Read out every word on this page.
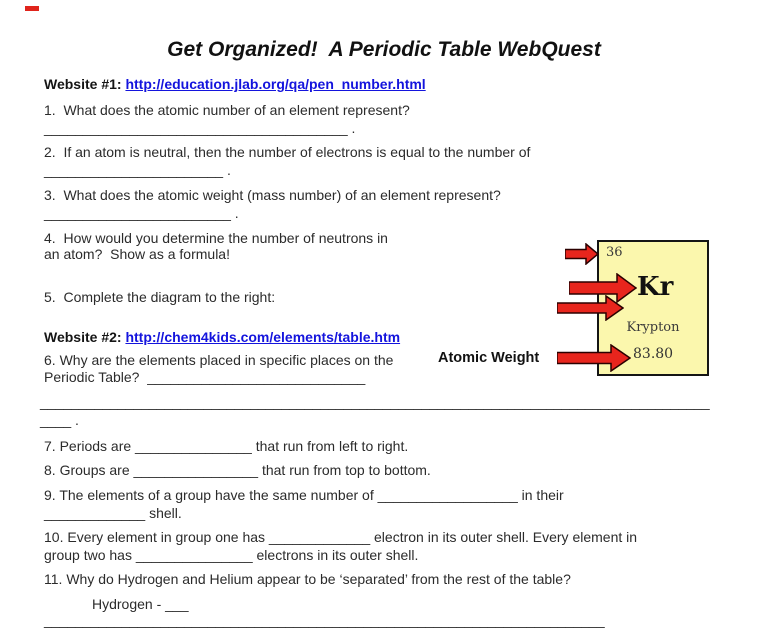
Get Organized!  A Periodic Table WebQuest
Website #1: http://education.jlab.org/qa/pen_number.html
1.  What does the atomic number of an element represent?
_______________________________________ .
2.  If an atom is neutral, then the number of electrons is equal to the number of
_______________________ .
3.  What does the atomic weight (mass number) of an element represent?
________________________ .
4.  How would you determine the number of neutrons in
an atom?  Show as a formula!
5.  Complete the diagram to the right:
Website #2: http://chem4kids.com/elements/table.htm
6. Why are the elements placed in specific places on the
Periodic Table?  ____________________________
Atomic Weight
36
Kr
Krypton
83.80
______________________________________________________________________________________
____ .
7. Periods are _______________ that run from left to right.
8. Groups are ________________ that run from top to bottom.
9. The elements of a group have the same number of __________________ in their
_____________ shell.
10. Every element in group one has _____________ electron in its outer shell. Every element in
group two has _______________ electrons in its outer shell.
11. Why do Hydrogen and Helium appear to be ‘separated’ from the rest of the table?
Hydrogen - ___
________________________________________________________________________
